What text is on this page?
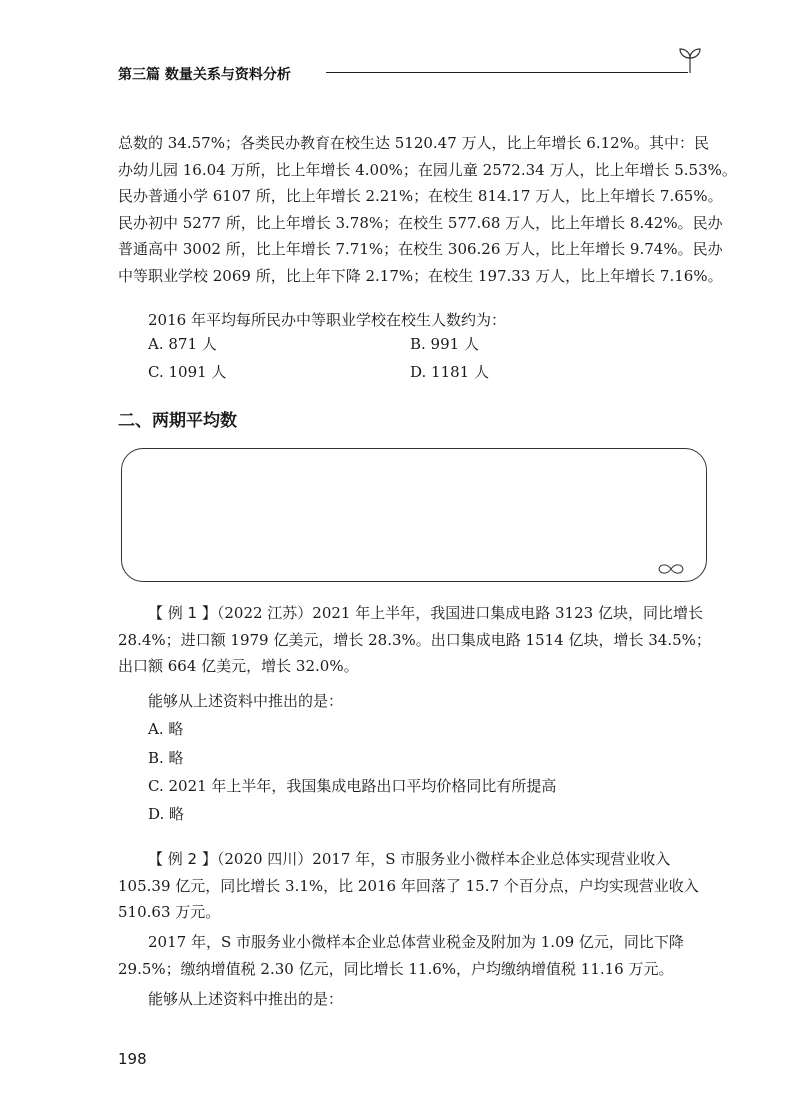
第三篇 数量关系与资料分析
总数的 34.57%；各类民办教育在校生达 5120.47 万人，比上年增长 6.12%。其中：民
办幼儿园 16.04 万所，比上年增长 4.00%；在园儿童 2572.34 万人，比上年增长 5.53%。
民办普通小学 6107 所，比上年增长 2.21%；在校生 814.17 万人，比上年增长 7.65%。
民办初中 5277 所，比上年增长 3.78%；在校生 577.68 万人，比上年增长 8.42%。民办
普通高中 3002 所，比上年增长 7.71%；在校生 306.26 万人，比上年增长 9.74%。民办
中等职业学校 2069 所，比上年下降 2.17%；在校生 197.33 万人，比上年增长 7.16%。
2016 年平均每所民办中等职业学校在校生人数约为：
A. 871 人	B. 991 人
C. 1091 人	D. 1181 人
二、两期平均数
【 例 1 】（2022 江苏）2021 年上半年，我国进口集成电路 3123 亿块，同比增长
28.4%；进口额 1979 亿美元，增长 28.3%。出口集成电路 1514 亿块，增长 34.5%；
出口额 664 亿美元，增长 32.0%。
能够从上述资料中推出的是：
A. 略
B. 略
C. 2021 年上半年，我国集成电路出口平均价格同比有所提高
D. 略
【 例 2 】（2020 四川）2017 年，S 市服务业小微样本企业总体实现营业收入
105.39 亿元，同比增长 3.1%，比 2016 年回落了 15.7 个百分点，户均实现营业收入
510.63 万元。
2017 年，S 市服务业小微样本企业总体营业税金及附加为 1.09 亿元，同比下降
29.5%；缴纳增值税 2.30 亿元，同比增长 11.6%，户均缴纳增值税 11.16 万元。
能够从上述资料中推出的是：
198
